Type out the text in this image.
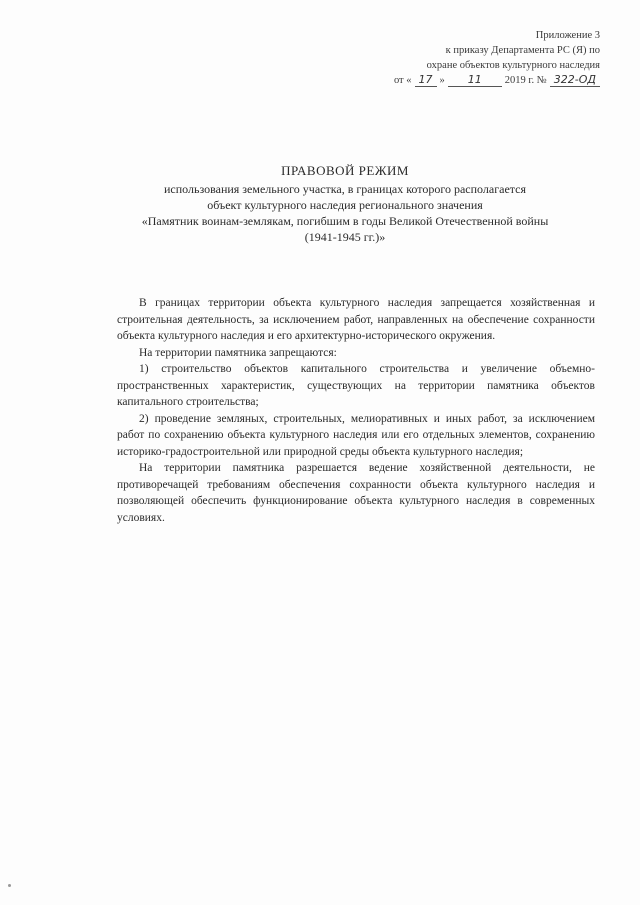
Приложение 3
к приказу Департамента РС (Я) по
охране объектов культурного наследия
от « 17 »	11	2019 г. № 322-ОД
ПРАВОВОЙ РЕЖИМ
использования земельного участка, в границах которого располагается
объект культурного наследия регионального значения
«Памятник воинам-землякам, погибшим в годы Великой Отечественной войны
(1941-1945 гг.)»

В границах территории объекта культурного наследия запрещается хозяйственная и строительная деятельность, за исключением работ, направленных на обеспечение сохранности объекта культурного наследия и его архитектурно-исторического окружения.

На территории памятника запрещаются:

1) строительство объектов капитального строительства и увеличение объемно-пространственных характеристик, существующих на территории памятника объектов капитального строительства;

2) проведение земляных, строительных, мелиоративных и иных работ, за исключением работ по сохранению объекта культурного наследия или его отдельных элементов, сохранению историко-градостроительной или природной среды объекта культурного наследия;

На территории памятника разрешается ведение хозяйственной деятельности, не противоречащей требованиям обеспечения сохранности объекта культурного наследия и позволяющей обеспечить функционирование объекта культурного наследия в современных условиях.
